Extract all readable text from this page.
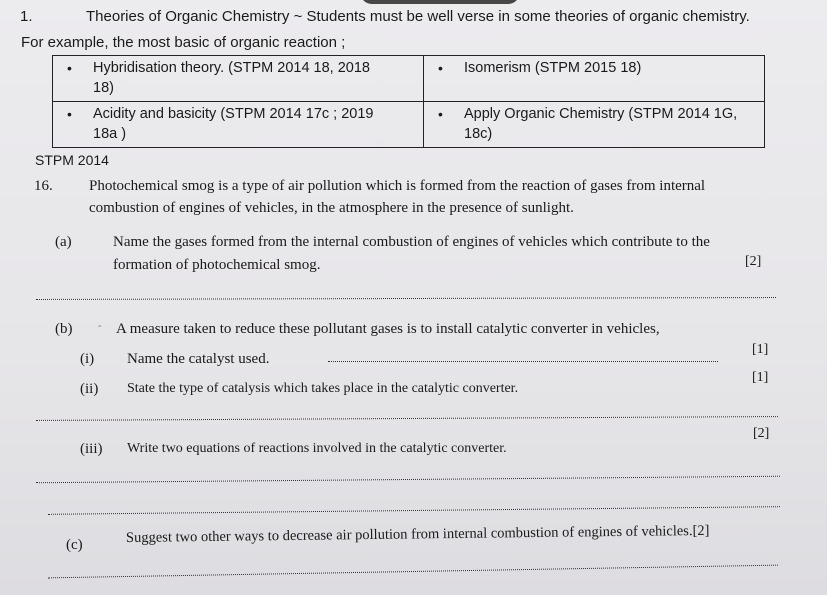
1.	Theories of Organic Chemistry ~ Students must be well verse in some theories of organic chemistry.
For example, the most basic of organic reaction ;
• Hybridisation theory. (STPM 2014 18, 2018 18)	• Isomerism (STPM 2015 18)
• Acidity and basicity (STPM 2014 17c ; 2019 18a )	• Apply Organic Chemistry (STPM 2014 1G, 18c)
STPM 2014
16. Photochemical smog is a type of air pollution which is formed from the reaction of gases from internal
combustion of engines of vehicles, in the atmosphere in the presence of sunlight.
(a)	Name the gases formed from the internal combustion of engines of vehicles which contribute to the
formation of photochemical smog.	[2]
(b) - A measure taken to reduce these pollutant gases is to install catalytic converter in vehicles,
(i) Name the catalyst used.
[1]
(ii) State the type of catalysis which takes place in the catalytic converter.
[1]
(iii) Write two equations of reactions involved in the catalytic converter.
[2]
(c)	Suggest two other ways to decrease air pollution from internal combustion of engines of vehicles.[2]
